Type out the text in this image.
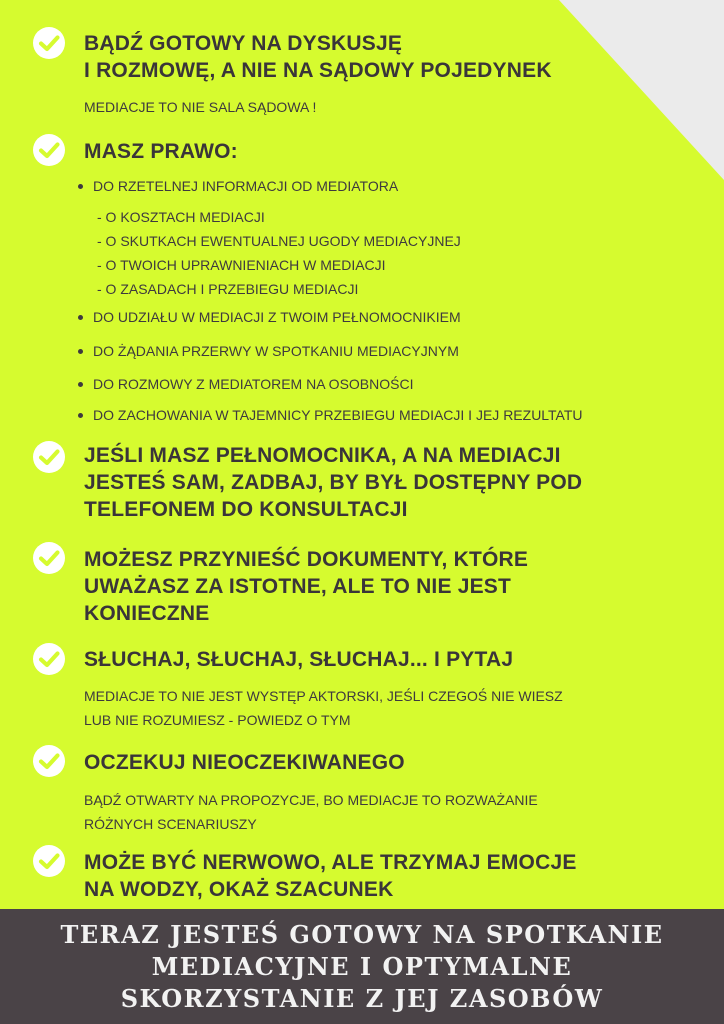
BĄDŹ GOTOWY NA DYSKUSJĘ
I ROZMOWĘ, A NIE NA SĄDOWY POJEDYNEK
MEDIACJE TO NIE SALA SĄDOWA !
MASZ PRAWO:
DO RZETELNEJ INFORMACJI OD MEDIATORA
- O KOSZTACH MEDIACJI
- O SKUTKACH EWENTUALNEJ UGODY MEDIACYJNEJ
- O TWOICH UPRAWNIENIACH W MEDIACJI
- O ZASADACH I PRZEBIEGU MEDIACJI
DO UDZIAŁU W MEDIACJI Z TWOIM PEŁNOMOCNIKIEM
DO ŻĄDANIA PRZERWY W SPOTKANIU MEDIACYJNYM
DO ROZMOWY Z MEDIATOREM NA OSOBNOŚCI
DO ZACHOWANIA W TAJEMNICY PRZEBIEGU MEDIACJI I JEJ REZULTATU
JEŚLI MASZ PEŁNOMOCNIKA, A NA MEDIACJI
JESTEŚ SAM, ZADBAJ, BY BYŁ DOSTĘPNY POD
TELEFONEM DO KONSULTACJI
MOŻESZ PRZYNIEŚĆ DOKUMENTY, KTÓRE
UWAŻASZ ZA ISTOTNE, ALE TO NIE JEST
KONIECZNE
SŁUCHAJ, SŁUCHAJ, SŁUCHAJ... I PYTAJ
MEDIACJE TO NIE JEST WYSTĘP AKTORSKI, JEŚLI CZEGOŚ NIE WIESZ
LUB NIE ROZUMIESZ - POWIEDZ O TYM
OCZEKUJ NIEOCZEKIWANEGO
BĄDŹ OTWARTY NA PROPOZYCJE, BO MEDIACJE TO ROZWAŻANIE
RÓŻNYCH SCENARIUSZY
MOŻE BYĆ NERWOWO, ALE TRZYMAJ EMOCJE
NA WODZY, OKAŻ SZACUNEK
TERAZ JESTEŚ GOTOWY NA SPOTKANIE
MEDIACYJNE I OPTYMALNE
SKORZYSTANIE Z JEJ ZASOBÓW
